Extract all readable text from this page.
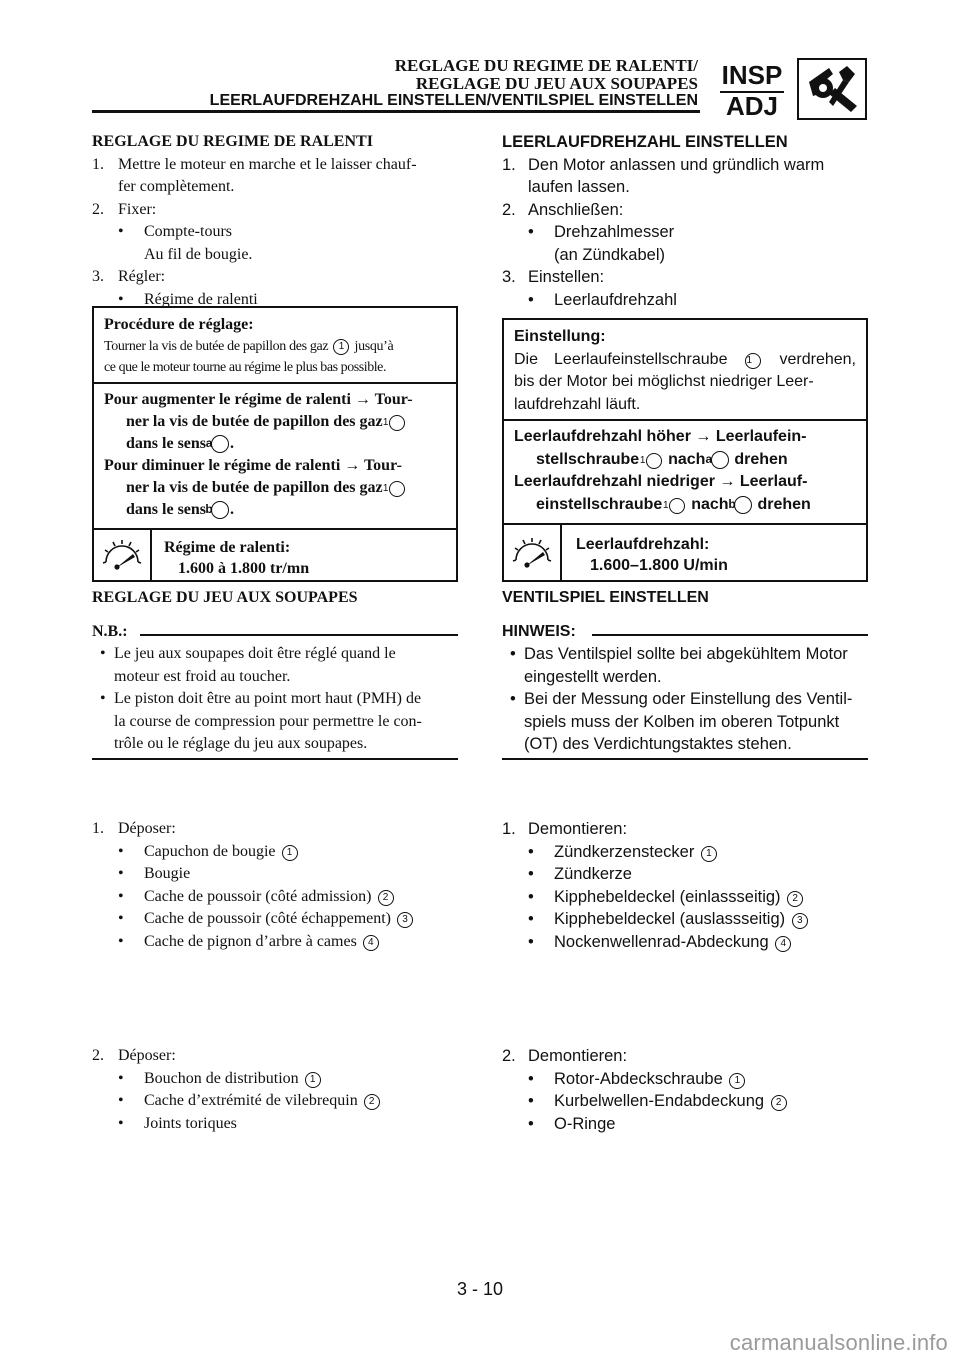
REGLAGE DU REGIME DE RALENTI/
REGLAGE DU JEU AUX SOUPAPES
LEERLAUFDREHZAHL EINSTELLEN/VENTILSPIEL EINSTELLEN
INSP
ADJ
REGLAGE DU REGIME DE RALENTI
1. Mettre le moteur en marche et le laisser chauf-
fer complètement.
2. Fixer:
•	Compte-tours
Au fil de bougie.
3. Régler:
•	Régime de ralenti
Procédure de réglage:
Tourner la vis de butée de papillon des gaz 1 jusqu’à
ce que le moteur tourne au régime le plus bas possible.
Pour augmenter le régime de ralenti → Tour-
ner la vis de butée de papillon des gaz 1
dans le sens a .
Pour diminuer le régime de ralenti → Tour-
ner la vis de butée de papillon des gaz 1
dans le sens b .
Régime de ralenti:
1.600 à 1.800 tr/mn
REGLAGE DU JEU AUX SOUPAPES
N.B.:
• Le jeu aux soupapes doit être réglé quand le
moteur est froid au toucher.
• Le piston doit être au point mort haut (PMH) de
la course de compression pour permettre le con-
trôle ou le réglage du jeu aux soupapes.
1. Déposer:
•	Capuchon de bougie 1
•	Bougie
•	Cache de poussoir (côté admission) 2
•	Cache de poussoir (côté échappement) 3
•	Cache de pignon d’arbre à cames 4
2. Déposer:
•	Bouchon de distribution 1
•	Cache d’extrémité de vilebrequin 2
•	Joints toriques
LEERLAUFDREHZAHL EINSTELLEN
1. Den Motor anlassen und gründlich warm
laufen lassen.
2. Anschließen:
•	Drehzahlmesser
(an Zündkabel)
3. Einstellen:
•	Leerlaufdrehzahl
Einstellung:
Die Leerlaufeinstellschraube 1 verdrehen,
bis der Motor bei möglichst niedriger Leer-
laufdrehzahl läuft.
Leerlaufdrehzahl höher → Leerlaufein-
stellschraube 1 nach a drehen
Leerlaufdrehzahl niedriger → Leerlauf-
einstellschraube 1 nach b drehen
Leerlaufdrehzahl:
1.600–1.800 U/min
VENTILSPIEL EINSTELLEN
HINWEIS:
• Das Ventilspiel sollte bei abgekühltem Motor
eingestellt werden.
• Bei der Messung oder Einstellung des Ventil-
spiels muss der Kolben im oberen Totpunkt
(OT) des Verdichtungstaktes stehen.
1. Demontieren:
•	Zündkerzenstecker 1
•	Zündkerze
•	Kipphebeldeckel (einlassseitig) 2
•	Kipphebeldeckel (auslassseitig) 3
•	Nockenwellenrad-Abdeckung 4
2. Demontieren:
•	Rotor-Abdeckschraube 1
•	Kurbelwellen-Endabdeckung 2
•	O-Ringe
3 - 10
carmanualsonline.info
